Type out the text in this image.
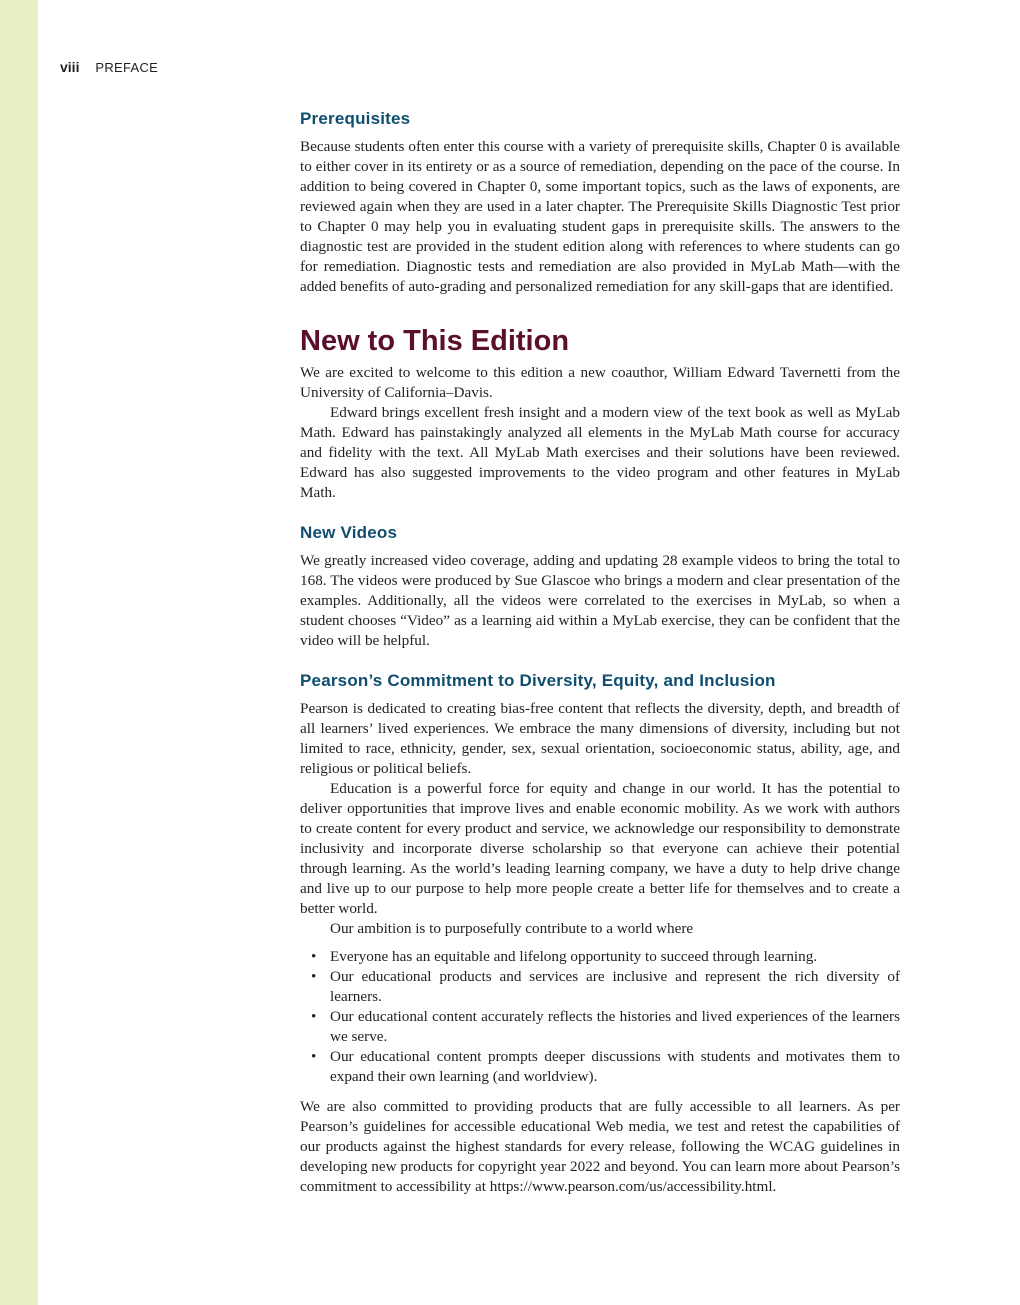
viii PREFACE
Prerequisites

Because students often enter this course with a variety of prerequisite skills, Chapter 0 is available to either cover in its entirety or as a source of remediation, depending on the pace of the course. In addition to being covered in Chapter 0, some important topics, such as the laws of exponents, are reviewed again when they are used in a later chapter. The Prerequisite Skills Diagnostic Test prior to Chapter 0 may help you in evaluating student gaps in prerequisite skills. The answers to the diagnostic test are provided in the student edition along with references to where students can go for remediation. Diagnostic tests and remediation are also provided in MyLab Math—with the added benefits of auto-grading and personalized remediation for any skill-gaps that are identified.

New to This Edition

We are excited to welcome to this edition a new coauthor, William Edward Tavernetti from the University of California–Davis.

Edward brings excellent fresh insight and a modern view of the text book as well as MyLab Math. Edward has painstakingly analyzed all elements in the MyLab Math course for accuracy and fidelity with the text. All MyLab Math exercises and their solutions have been reviewed. Edward has also suggested improvements to the video program and other features in MyLab Math.

New Videos

We greatly increased video coverage, adding and updating 28 example videos to bring the total to 168. The videos were produced by Sue Glascoe who brings a modern and clear presentation of the examples. Additionally, all the videos were correlated to the exercises in MyLab, so when a student chooses “Video” as a learning aid within a MyLab exercise, they can be confident that the video will be helpful.

Pearson’s Commitment to Diversity, Equity, and Inclusion

Pearson is dedicated to creating bias-free content that reflects the diversity, depth, and breadth of all learners’ lived experiences. We embrace the many dimensions of diversity, including but not limited to race, ethnicity, gender, sex, sexual orientation, socioeconomic status, ability, age, and religious or political beliefs.

Education is a powerful force for equity and change in our world. It has the potential to deliver opportunities that improve lives and enable economic mobility. As we work with authors to create content for every product and service, we acknowledge our responsibility to demonstrate inclusivity and incorporate diverse scholarship so that everyone can achieve their potential through learning. As the world’s leading learning company, we have a duty to help drive change and live up to our purpose to help more people create a better life for themselves and to create a better world.

Our ambition is to purposefully contribute to a world where

• Everyone has an equitable and lifelong opportunity to succeed through learning.
• Our educational products and services are inclusive and represent the rich diversity of learners.
• Our educational content accurately reflects the histories and lived experiences of the learners we serve.
• Our educational content prompts deeper discussions with students and motivates them to expand their own learning (and worldview).

We are also committed to providing products that are fully accessible to all learners. As per Pearson’s guidelines for accessible educational Web media, we test and retest the capabilities of our products against the highest standards for every release, following the WCAG guidelines in developing new products for copyright year 2022 and beyond. You can learn more about Pearson’s commitment to accessibility at https://www.pearson.com/us/accessibility.html.
